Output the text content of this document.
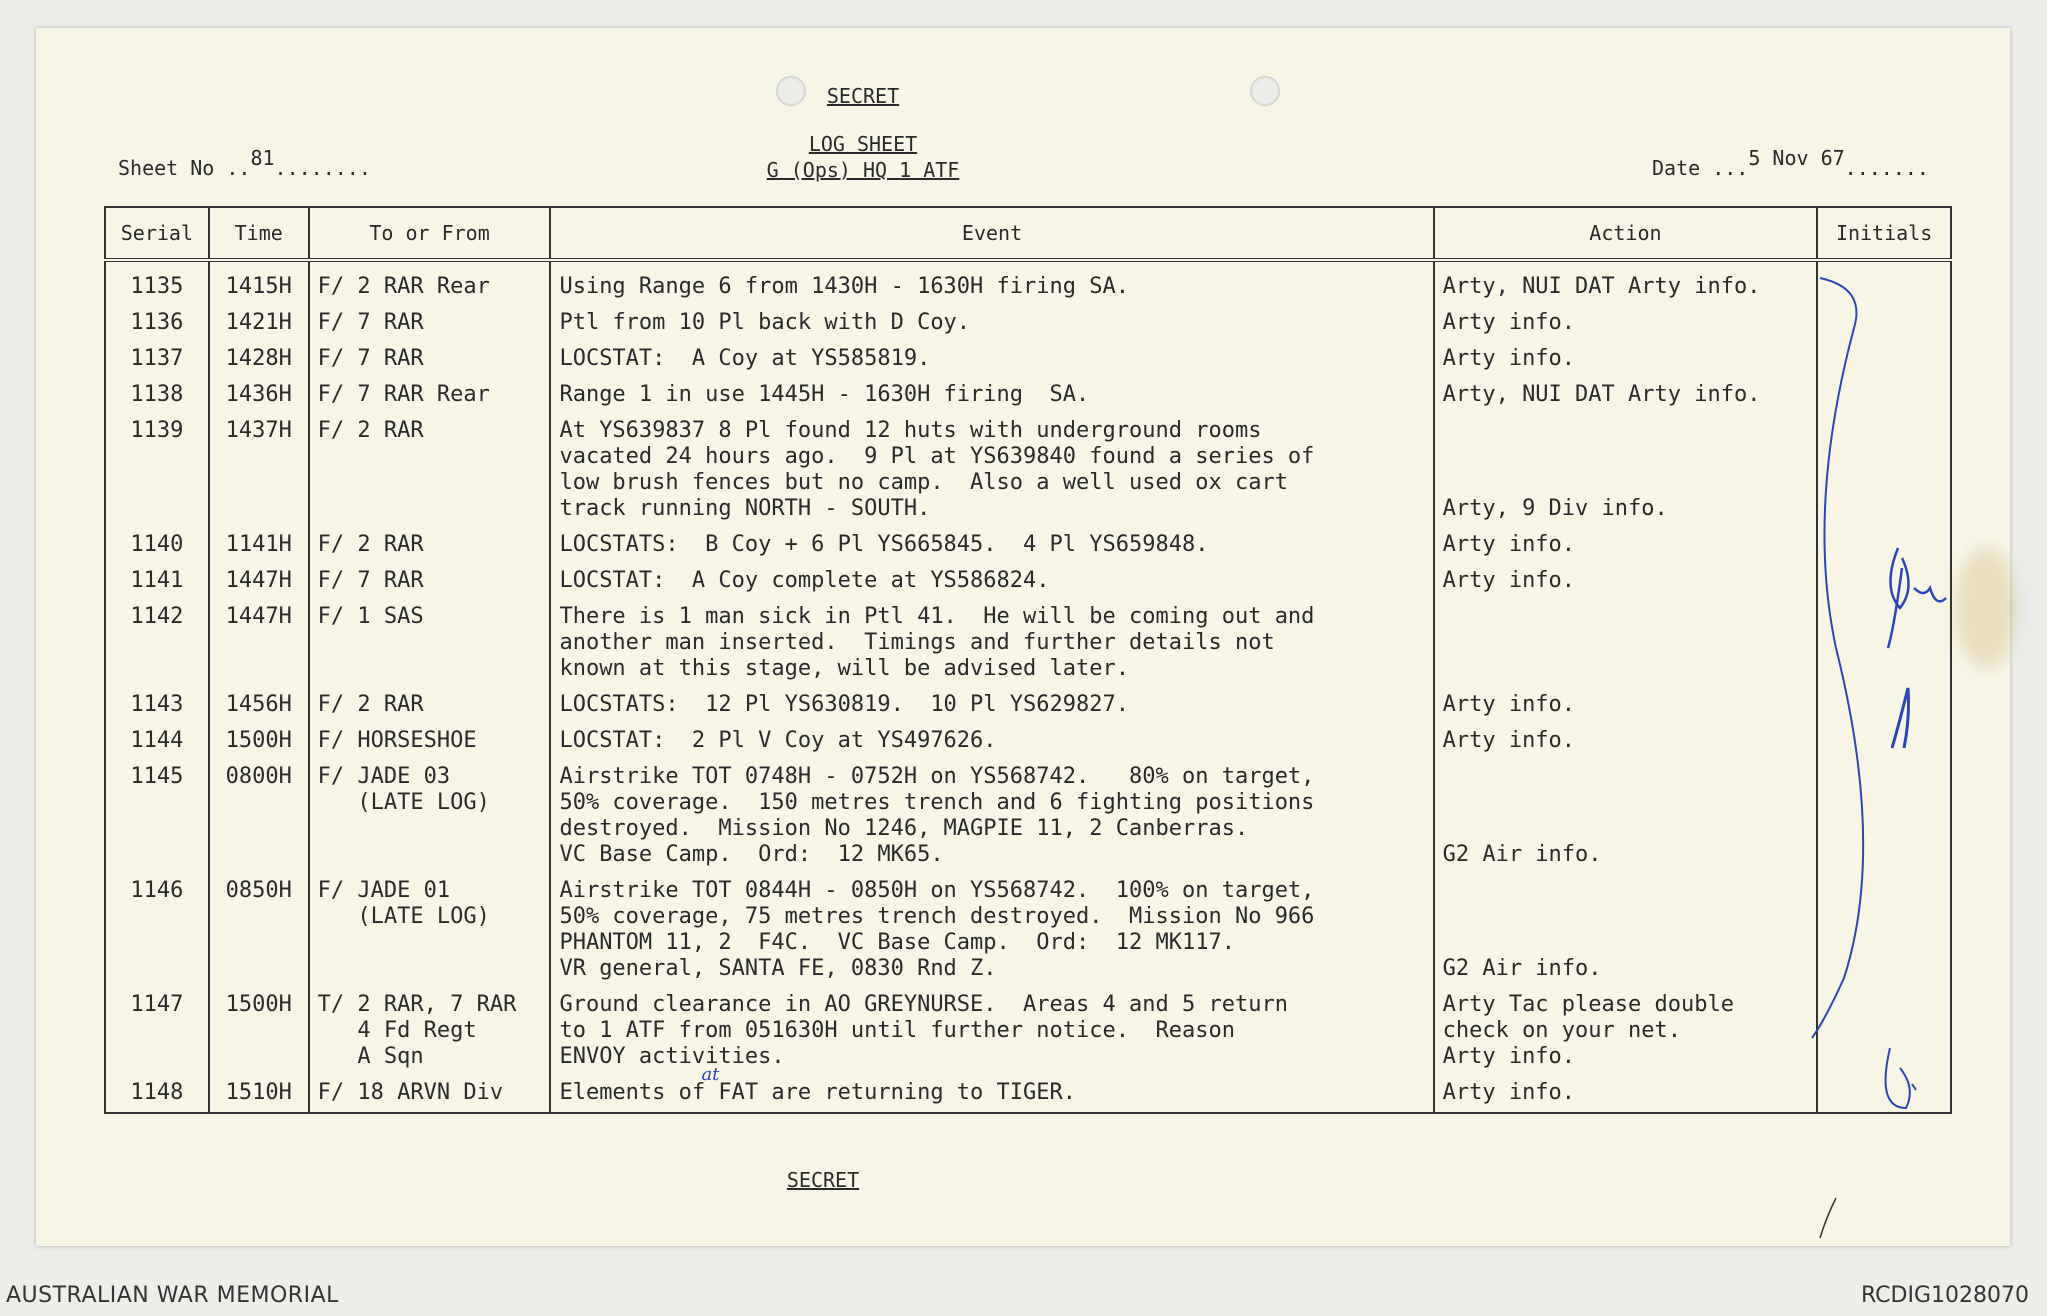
SECRET
LOG SHEET
G (Ops) HQ 1 ATF
Sheet No ..81........	Date ...5 Nov 67.......
Serial	Time	To or From	Event	Action	Initials
1135	1415H	F/ 2 RAR Rear	Using Range 6 from 1430H - 1630H firing SA.	Arty, NUI DAT Arty info.	
1136	1421H	F/ 7 RAR	Ptl from 10 Pl back with D Coy.	Arty info.	
1137	1428H	F/ 7 RAR	LOCSTAT:  A Coy at YS585819.	Arty info.	
1138	1436H	F/ 7 RAR Rear	Range 1 in use 1445H - 1630H firing  SA.	Arty, NUI DAT Arty info.	
1139	1437H	F/ 2 RAR	At YS639837 8 Pl found 12 huts with underground rooms
vacated 24 hours ago.  9 Pl at YS639840 found a series of
low brush fences but no camp.  Also a well used ox cart
track running NORTH - SOUTH.	Arty, 9 Div info.	
1140	1141H	F/ 2 RAR	LOCSTATS:  B Coy + 6 Pl YS665845.  4 Pl YS659848.	Arty info.	
1141	1447H	F/ 7 RAR	LOCSTAT:  A Coy complete at YS586824.	Arty info.	
1142	1447H	F/ 1 SAS	There is 1 man sick in Ptl 41.  He will be coming out and
another man inserted.  Timings and further details not
known at this stage, will be advised later.		
1143	1456H	F/ 2 RAR	LOCSTATS:  12 Pl YS630819.  10 Pl YS629827.	Arty info.	
1144	1500H	F/ HORSESHOE	LOCSTAT:  2 Pl V Coy at YS497626.	Arty info.	
1145	0800H	F/ JADE 03
(LATE LOG)	Airstrike TOT 0748H - 0752H on YS568742.   80% on target,
50% coverage.  150 metres trench and 6 fighting positions
destroyed.  Mission No 1246, MAGPIE 11, 2 Canberras.
VC Base Camp.  Ord:  12 MK65.	G2 Air info.	
1146	0850H	F/ JADE 01
(LATE LOG)	Airstrike TOT 0844H - 0850H on YS568742.  100% on target,
50% coverage, 75 metres trench destroyed.  Mission No 966
PHANTOM 11, 2  F4C.  VC Base Camp.  Ord:  12 MK117.
VR general, SANTA FE, 0830 Rnd Z.	G2 Air info.	
1147	1500H	T/ 2 RAR, 7 RAR
4 Fd Regt
A Sqn	Ground clearance in AO GREYNURSE.  Areas 4 and 5 return
to 1 ATF from 051630H until further notice.  Reason
ENVOY activities.	Arty Tac please double
check on your net.
Arty info.	
1148	1510H	F/ 18 ARVN Div	Elements of FAT are returning to TIGER.
at	Arty info.	
SECRET
AUSTRALIAN WAR MEMORIAL	RCDIG1028070
